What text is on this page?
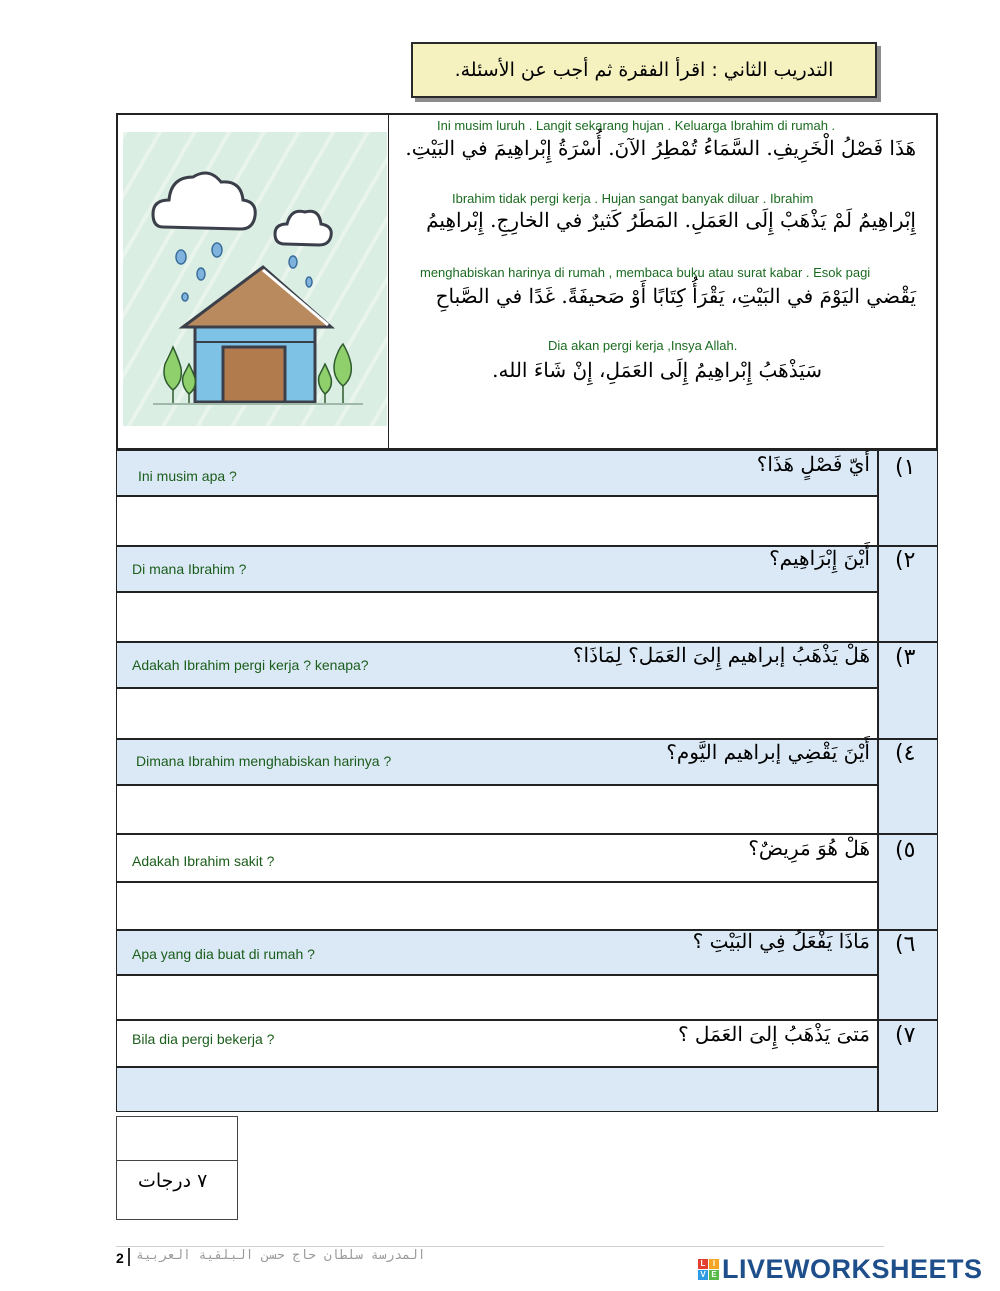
التدريب الثاني : اقرأ الفقرة ثم أجب عن الأسئلة.
Ini musim luruh . Langit sekarang hujan . Keluarga Ibrahim di rumah .
هَذَا فَصْلُ الْخَرِيفِ. السَّمَاءُ تُمْطِرُ الآنَ. أُسْرَةُ إِبْراهِيمَ في البَيْتِ.
Ibrahim tidak pergi kerja . Hujan sangat banyak diluar . Ibrahim
إِبْراهِيمُ لَمْ يَذْهَبْ إِلَى العَمَلِ. المَطَرُ كَثيرٌ في الخارِجِ. إِبْراهِيمُ
menghabiskan harinya di rumah , membaca buku atau surat kabar . Esok pagi
يَقْضي اليَوْمَ في البَيْتِ، يَقْرَأُ كِتَابًا أَوْ صَحيفَةً. غَدًا في الصَّباحِ
Dia akan pergi kerja ,Insya Allah.
سَيَذْهَبُ إِبْراهِيمُ إِلَى العَمَلِ، إِنْ شَاءَ الله.
١)
أيّ فَصْلٍ هَذَا؟
Ini musim apa ?
٢)
أَيْنَ إِبْرَاهِيم؟
Di mana Ibrahim ?
٣)
هَلْ يَذْهَبُ إبراهيم إِلىَ العَمَل؟ لِمَاذَا؟
Adakah Ibrahim pergi kerja ? kenapa?
٤)
أَيْنَ يَقْضِي إبراهيم اليَّوم؟
Dimana Ibrahim menghabiskan harinya ?
٥)
هَلْ هُوَ مَرِيضٌ؟
Adakah Ibrahim sakit ?
٦)
مَاذَا يَفْعَلُ فِي البَيْتِ ؟
Apa yang dia buat di rumah ?
٧)
مَتىَ يَذْهَبُ إِلىَ العَمَل ؟
Bila dia pergi bekerja ?
٧ درجات
2 المدرسة سلطان حاج حسن البلقية العربية
L I
V E LIVEWORKSHEETS
